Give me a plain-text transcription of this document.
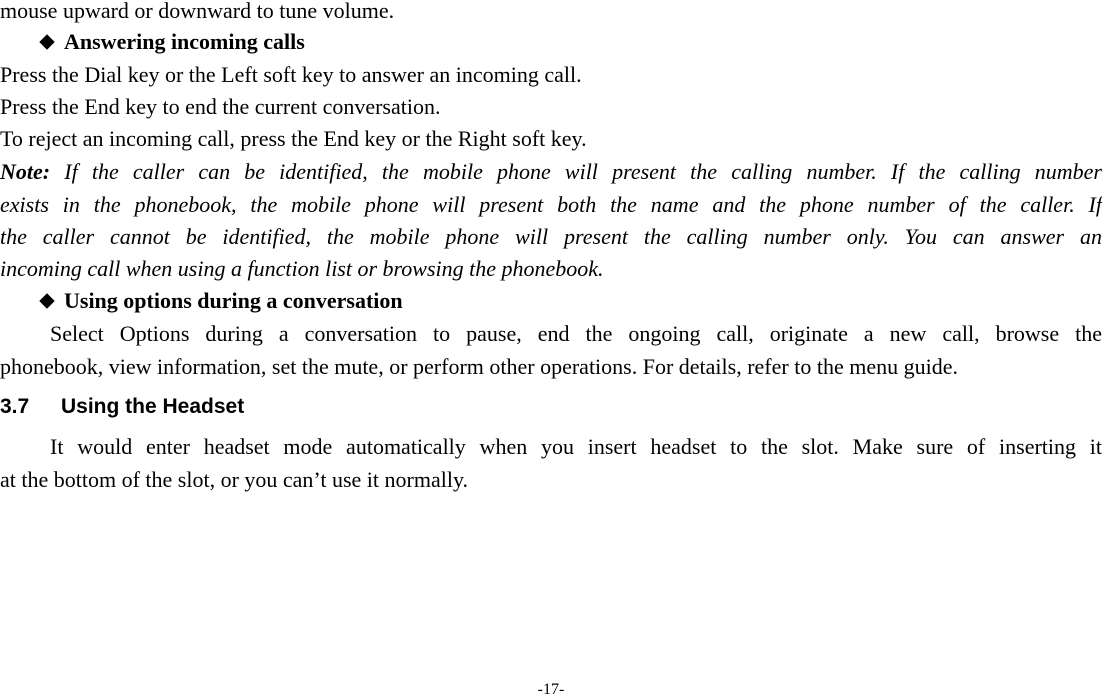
mouse upward or downward to tune volume.
Answering incoming calls
Press the Dial key or the Left soft key to answer an incoming call.
Press the End key to end the current conversation.
To reject an incoming call, press the End key or the Right soft key.
Note: If the caller can be identified, the mobile phone will present the calling number. If the calling number
exists in the phonebook, the mobile phone will present both the name and the phone number of the caller. If
the caller cannot be identified, the mobile phone will present the calling number only. You can answer an
incoming call when using a function list or browsing the phonebook.
Using options during a conversation
Select Options during a conversation to pause, end the ongoing call, originate a new call, browse the
phonebook, view information, set the mute, or perform other operations. For details, refer to the menu guide.
3.7 Using the Headset
It would enter headset mode automatically when you insert headset to the slot. Make sure of inserting it
at the bottom of the slot, or you can’t use it normally.
-17-
